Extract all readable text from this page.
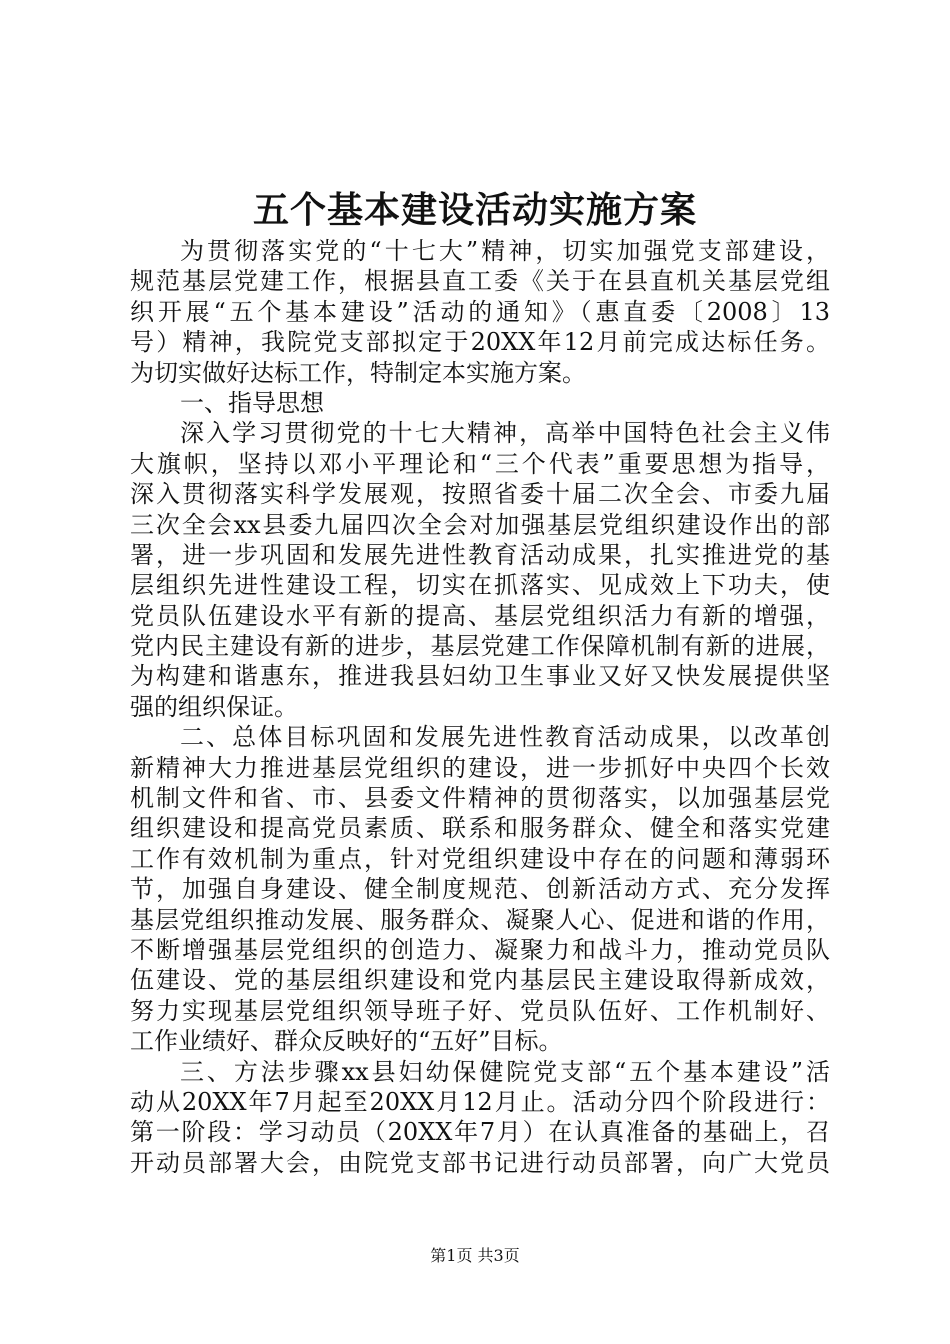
五个基本建设活动实施方案
为贯彻落实党的“十七大”精神，切实加强党支部建设，
规范基层党建工作，根据县直工委《关于在县直机关基层党组
织开展“五个基本建设”活动的通知》（惠直委〔2008〕13
号）精神，我院党支部拟定于20XX年12月前完成达标任务。
为切实做好达标工作，特制定本实施方案。
一、指导思想
深入学习贯彻党的十七大精神，高举中国特色社会主义伟
大旗帜，坚持以邓小平理论和“三个代表”重要思想为指导，
深入贯彻落实科学发展观，按照省委十届二次全会、市委九届
三次全会xx县委九届四次全会对加强基层党组织建设作出的部
署，进一步巩固和发展先进性教育活动成果，扎实推进党的基
层组织先进性建设工程，切实在抓落实、见成效上下功夫，使
党员队伍建设水平有新的提高、基层党组织活力有新的增强，
党内民主建设有新的进步，基层党建工作保障机制有新的进展，
为构建和谐惠东，推进我县妇幼卫生事业又好又快发展提供坚
强的组织保证。
二、总体目标巩固和发展先进性教育活动成果，以改革创
新精神大力推进基层党组织的建设，进一步抓好中央四个长效
机制文件和省、市、县委文件精神的贯彻落实，以加强基层党
组织建设和提高党员素质、联系和服务群众、健全和落实党建
工作有效机制为重点，针对党组织建设中存在的问题和薄弱环
节，加强自身建设、健全制度规范、创新活动方式、充分发挥
基层党组织推动发展、服务群众、凝聚人心、促进和谐的作用，
不断增强基层党组织的创造力、凝聚力和战斗力，推动党员队
伍建设、党的基层组织建设和党内基层民主建设取得新成效，
努力实现基层党组织领导班子好、党员队伍好、工作机制好、
工作业绩好、群众反映好的“五好”目标。
三、方法步骤xx县妇幼保健院党支部“五个基本建设”活
动从20XX年7月起至20XX月12月止。活动分四个阶段进行：
第一阶段：学习动员（20XX年7月）在认真准备的基础上，召
开动员部署大会，由院党支部书记进行动员部署，向广大党员
第1页 共3页
